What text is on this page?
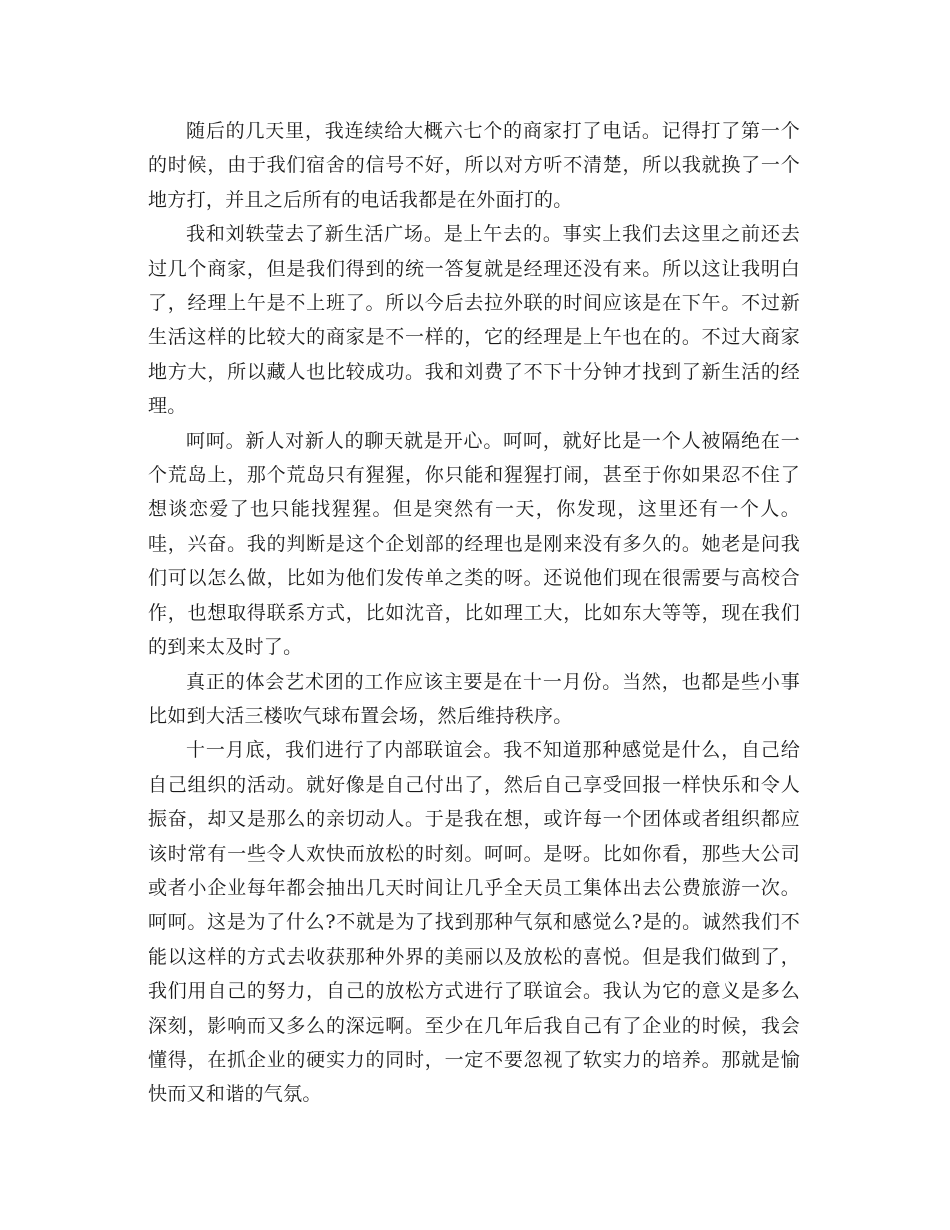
随后的几天里，我连续给大概六七个的商家打了电话。记得打了第一个的时候，由于我们宿舍的信号不好，所以对方听不清楚，所以我就换了一个地方打，并且之后所有的电话我都是在外面打的。

我和刘轶莹去了新生活广场。是上午去的。事实上我们去这里之前还去过几个商家，但是我们得到的统一答复就是经理还没有来。所以这让我明白了，经理上午是不上班了。所以今后去拉外联的时间应该是在下午。不过新生活这样的比较大的商家是不一样的，它的经理是上午也在的。不过大商家地方大，所以藏人也比较成功。我和刘费了不下十分钟才找到了新生活的经理。

呵呵。新人对新人的聊天就是开心。呵呵，就好比是一个人被隔绝在一个荒岛上，那个荒岛只有猩猩，你只能和猩猩打闹，甚至于你如果忍不住了想谈恋爱了也只能找猩猩。但是突然有一天，你发现，这里还有一个人。哇，兴奋。我的判断是这个企划部的经理也是刚来没有多久的。她老是问我们可以怎么做，比如为他们发传单之类的呀。还说他们现在很需要与高校合作，也想取得联系方式，比如沈音，比如理工大，比如东大等等，现在我们的到来太及时了。

真正的体会艺术团的工作应该主要是在十一月份。当然，也都是些小事比如到大活三楼吹气球布置会场，然后维持秩序。

十一月底，我们进行了内部联谊会。我不知道那种感觉是什么，自己给自己组织的活动。就好像是自己付出了，然后自己享受回报一样快乐和令人振奋，却又是那么的亲切动人。于是我在想，或许每一个团体或者组织都应该时常有一些令人欢快而放松的时刻。呵呵。是呀。比如你看，那些大公司或者小企业每年都会抽出几天时间让几乎全天员工集体出去公费旅游一次。呵呵。这是为了什么?不就是为了找到那种气氛和感觉么?是的。诚然我们不能以这样的方式去收获那种外界的美丽以及放松的喜悦。但是我们做到了，我们用自己的努力，自己的放松方式进行了联谊会。我认为它的意义是多么深刻，影响而又多么的深远啊。至少在几年后我自己有了企业的时候，我会懂得，在抓企业的硬实力的同时，一定不要忽视了软实力的培养。那就是愉快而又和谐的气氛。
